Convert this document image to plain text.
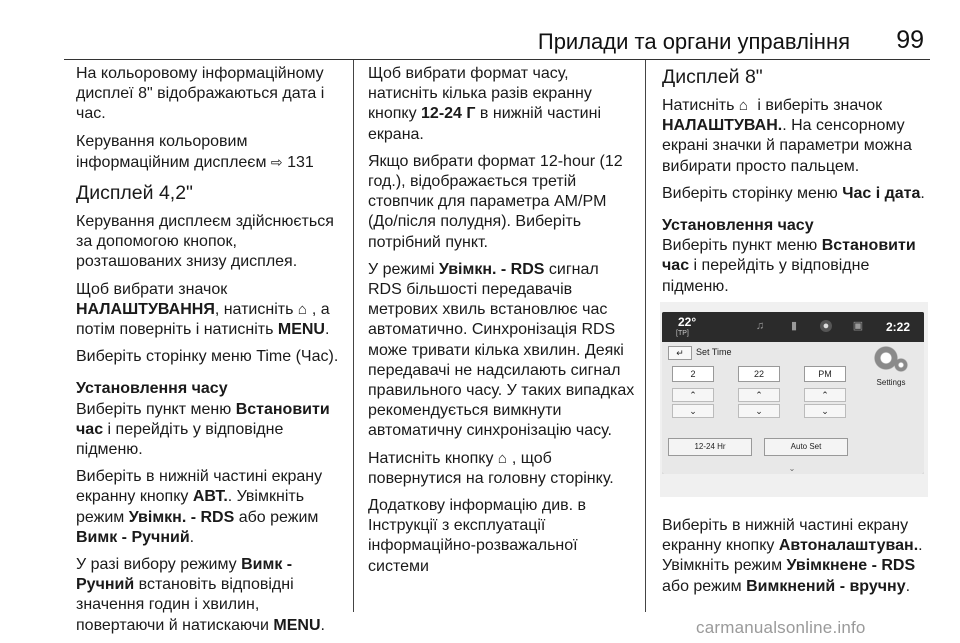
Прилади та органи управління 99

На кольоровому інформаційному дисплеї 8" відображаються дата і час.

Керування кольоровим інформаційним дисплеєм ⇨ 131

Дисплей 4,2"

Керування дисплеєм здійснюється за допомогою кнопок, розташованих знизу дисплея.

Щоб вибрати значок НАЛАШТУВАННЯ, натисніть ⌂ , а потім поверніть і натисніть MENU.

Виберіть сторінку меню Time (Час).

Установлення часу

Виберіть пункт меню Встановити час і перейдіть у відповідне підменю.

Виберіть в нижній частині екрану екранну кнопку АВТ.. Увімкніть режим Увімкн. - RDS або режим Вимк - Ручний.

У разі вибору режиму Вимк - Ручний встановіть відповідні значення годин і хвилин, повертаючи й натискаючи MENU.

Щоб вибрати формат часу, натисніть кілька разів екранну кнопку 12-24 Г в нижній частині екрана.

Якщо вибрати формат 12-hour (12 год.), відображається третій стовпчик для параметра AM/PM (До/після полудня). Виберіть потрібний пункт.

У режимі Увімкн. - RDS сигнал RDS більшості передавачів метрових хвиль встановлює час автоматично. Синхронізація RDS може тривати кілька хвилин. Деякі передавачі не надсилають сигнал правильного часу. У таких випадках рекомендується вимкнути автоматичну синхронізацію часу.

Натисніть кнопку ⌂ , щоб повернутися на головну сторінку.

Додаткову інформацію див. в Інструкції з експлуатації інформаційно-розважальної системи

Дисплей 8"

Натисніть ⌂ і виберіть значок НАЛАШТУВАН.. На сенсорному екрані значки й параметри можна вибирати просто пальцем.

Виберіть сторінку меню Час і дата.

Установлення часу

Виберіть пункт меню Встановити час і перейдіть у відповідне підменю.

Виберіть в нижній частині екрану екранну кнопку Автоналаштуван.. Увімкніть режим Увімкнене - RDS або режим Вимкнений - вручну.

22°
[TP]
♫ ▮ ● ▣ 2:22
↵	Set Time
2	22	PM
⌃	⌃	⌃
⌄	⌄	⌄
Settings
12-24 Hr	Auto Set
⌄
carmanualsonline.info
